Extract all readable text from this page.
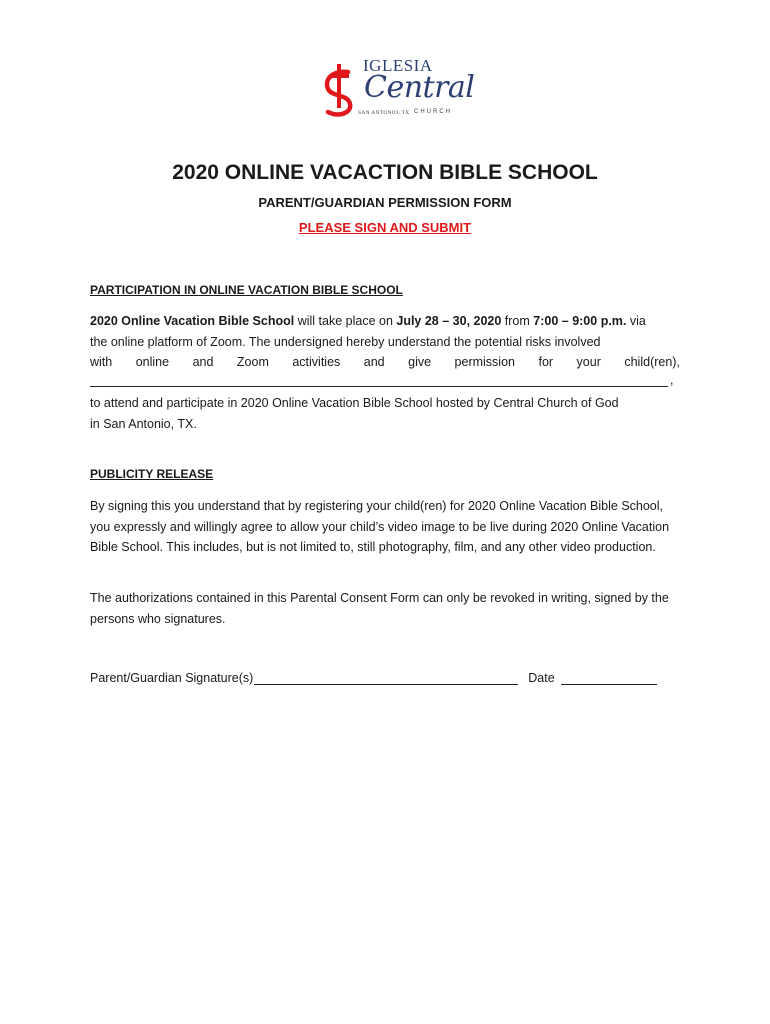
IGLESIA
Central
SAN ANTONIO, TX CHURCH
2020 ONLINE VACACTION BIBLE SCHOOL
PARENT/GUARDIAN PERMISSION FORM
PLEASE SIGN AND SUBMIT
PARTICIPATION IN ONLINE VACATION BIBLE SCHOOL
2020 Online Vacation Bible School will take place on July 28 – 30, 2020 from 7:00 – 9:00 p.m. via
the online platform of Zoom. The undersigned hereby understand the potential risks involved
with online and Zoom activities and give permission for your child(ren),
,
to attend and participate in 2020 Online Vacation Bible School hosted by Central Church of God
in San Antonio, TX.
PUBLICITY RELEASE

By signing this you understand that by registering your child(ren) for 2020 Online Vacation Bible School, you expressly and willingly agree to allow your child’s video image to be live during 2020 Online Vacation Bible School. This includes, but is not limited to, still photography, film, and any other video production.

The authorizations contained in this Parental Consent Form can only be revoked in writing, signed by the persons who signatures.

Parent/Guardian Signature(s)	Date
